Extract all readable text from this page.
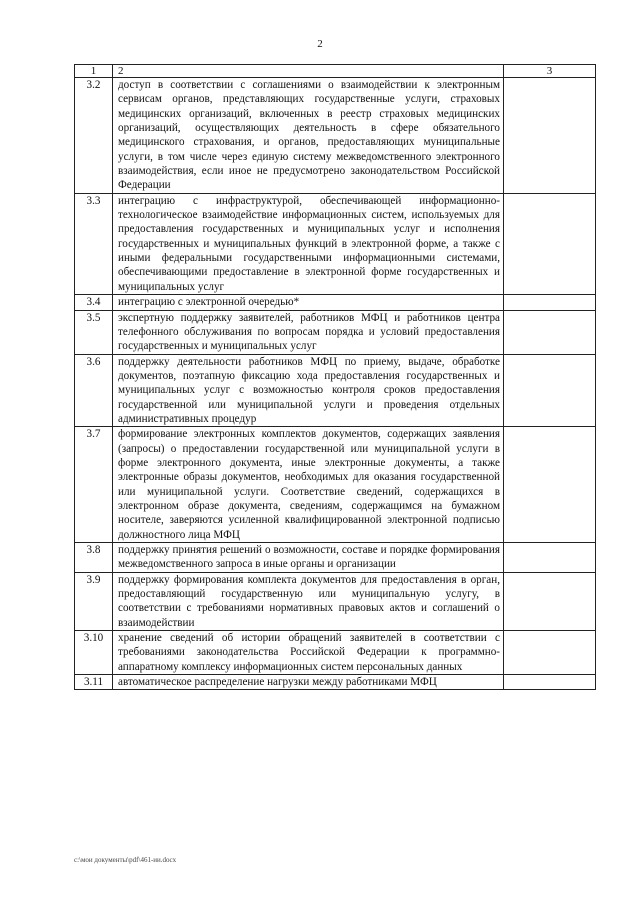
2
1	2	3
3.2	доступ в соответствии с соглашениями о взаимодействии к электронным сервисам органов, представляющих государственные услуги, страховых медицинских организаций, включенных в реестр страховых медицинских организаций, осуществляющих деятельность в сфере обязательного медицинского страхования, и органов, предоставляющих муниципальные услуги, в том числе через единую систему межведомственного электронного взаимодействия, если иное не предусмотрено законодательством Российской Федерации	
3.3	интеграцию с инфраструктурой, обеспечивающей информационнотехнологическое взаимодействие информационных систем, используемых для предоставления государственных и муниципальных услуг и исполнения государственных и муниципальных функций в электронной форме, а также с иными федеральными государственными информационными системами, обеспечивающими предоставление в электронной форме государственных и муниципальных услуг	
3.4	интеграцию с электронной очередью*	
3.5	экспертную поддержку заявителей, работников МФЦ и работников центра телефонного обслуживания по вопросам порядка и условий предоставления государственных и муниципальных услуг	
3.6	поддержку деятельности работников МФЦ по приему, выдаче, обработке документов, поэтапную фиксацию хода предоставления государственных и муниципальных услуг с возможностью контроля сроков предоставления государственной или муниципальной услуги и проведения отдельных административных процедур	
3.7	формирование электронных комплектов документов, содержащих заявления (запросы) о предоставлении государственной или муниципальной услуги в форме электронного документа, иные электронные документы, а также электронные образы документов, необходимых для оказания государственной или муниципальной услуги. Соответствие сведений, содержащихся в электронном образе документа, сведениям, содержащимся на бумажном носителе, заверяются усиленной квалифицированной электронной подписью должностного лица МФЦ	
3.8	поддержку принятия решений о возможности, составе и порядке формирования межведомственного запроса в иные органы и организации	
3.9	поддержку формирования комплекта документов для предоставления в орган, предоставляющий государственную или муниципальную услугу, в соответствии с требованиями нормативных правовых актов и соглашений о взаимодействии	
3.10	хранение сведений об истории обращений заявителей в соответствии с требованиями законодательства Российской Федерации к программно-аппаратному комплексу информационных систем персональных данных	
3.11	автоматическое распределение нагрузки между работниками МФЦ	
c:\мои документы\pdf\461-ии.docx
